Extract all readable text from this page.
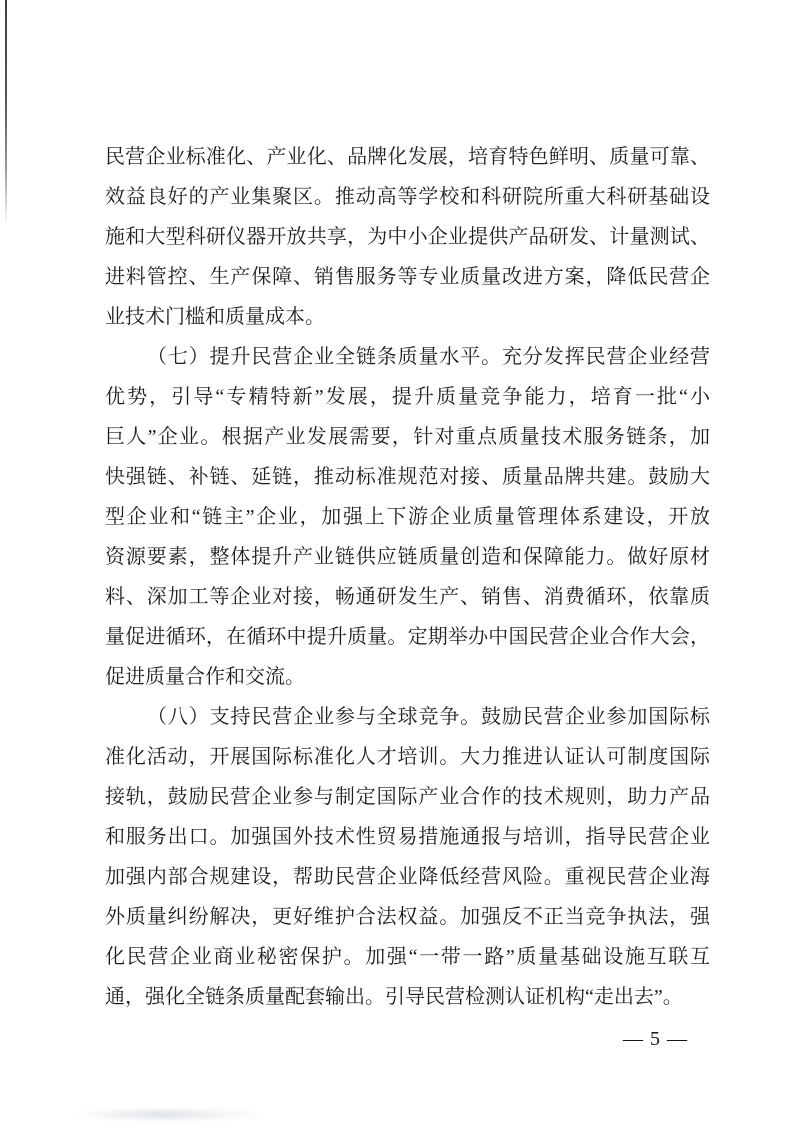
民营企业标准化、产业化、品牌化发展，培育特色鲜明、质量可靠、
效益良好的产业集聚区。推动高等学校和科研院所重大科研基础设
施和大型科研仪器开放共享，为中小企业提供产品研发、计量测试、
进料管控、生产保障、销售服务等专业质量改进方案，降低民营企
业技术门槛和质量成本。
（七）提升民营企业全链条质量水平。充分发挥民营企业经营
优势，引导“专精特新”发展，提升质量竞争能力，培育一批“小
巨人”企业。根据产业发展需要，针对重点质量技术服务链条，加
快强链、补链、延链，推动标准规范对接、质量品牌共建。鼓励大
型企业和“链主”企业，加强上下游企业质量管理体系建设，开放
资源要素，整体提升产业链供应链质量创造和保障能力。做好原材
料、深加工等企业对接，畅通研发生产、销售、消费循环，依靠质
量促进循环，在循环中提升质量。定期举办中国民营企业合作大会，
促进质量合作和交流。
（八）支持民营企业参与全球竞争。鼓励民营企业参加国际标
准化活动，开展国际标准化人才培训。大力推进认证认可制度国际
接轨，鼓励民营企业参与制定国际产业合作的技术规则，助力产品
和服务出口。加强国外技术性贸易措施通报与培训，指导民营企业
加强内部合规建设，帮助民营企业降低经营风险。重视民营企业海
外质量纠纷解决，更好维护合法权益。加强反不正当竞争执法，强
化民营企业商业秘密保护。加强“一带一路”质量基础设施互联互
通，强化全链条质量配套输出。引导民营检测认证机构“走出去”。
— 5 —
